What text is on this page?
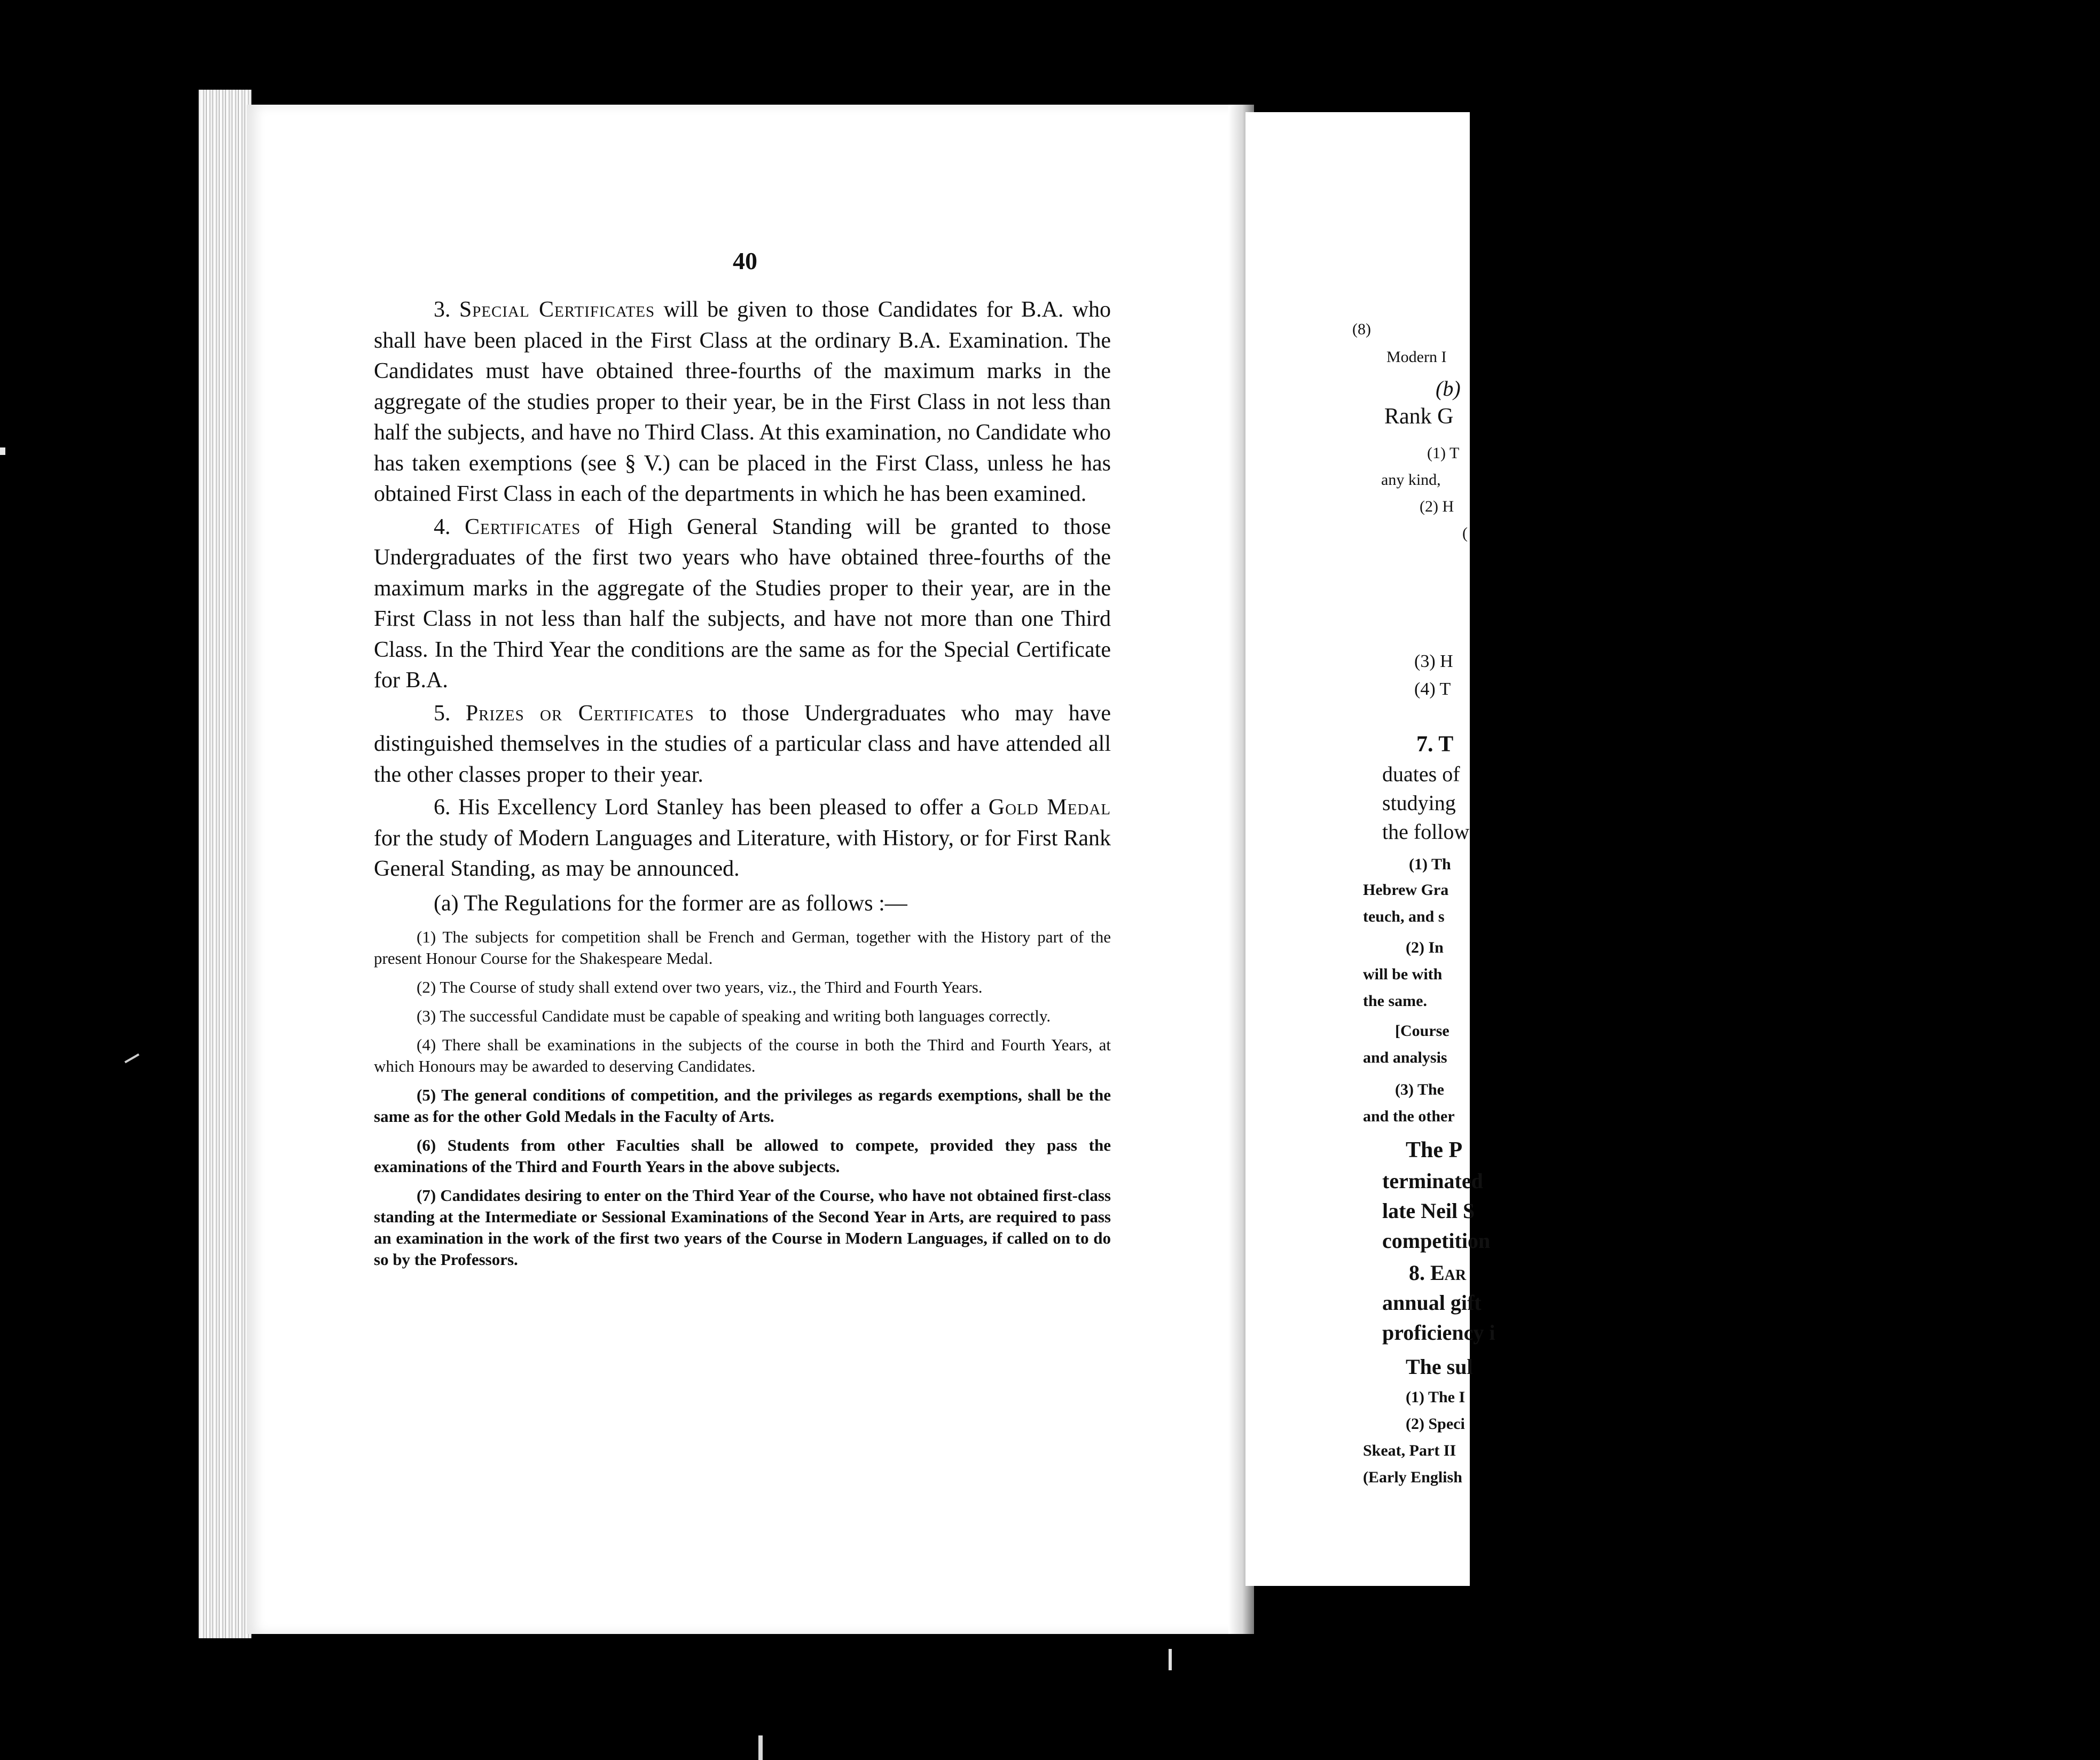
40

3. Special Certificates will be given to those Candidates for B.A. who shall have been placed in the First Class at the ordinary B.A. Examination. The Candidates must have obtained three-fourths of the maximum marks in the aggregate of the studies proper to their year, be in the First Class in not less than half the subjects, and have no Third Class. At this examination, no Candidate who has taken exemptions (see § V.) can be placed in the First Class, unless he has obtained First Class in each of the departments in which he has been examined.

4. Certificates of High General Standing will be granted to those Undergraduates of the first two years who have obtained three-fourths of the maximum marks in the aggregate of the Studies proper to their year, are in the First Class in not less than half the subjects, and have not more than one Third Class. In the Third Year the conditions are the same as for the Special Certificate for B.A.

5. Prizes or Certificates to those Undergraduates who may have distinguished themselves in the studies of a particular class and have attended all the other classes proper to their year.

6. His Excellency Lord Stanley has been pleased to offer a Gold Medal for the study of Modern Languages and Literature, with History, or for First Rank General Standing, as may be announced.

(a) The Regulations for the former are as follows :—

(1) The subjects for competition shall be French and German, together with the History part of the present Honour Course for the Shakespeare Medal.

(2) The Course of study shall extend over two years, viz., the Third and Fourth Years.

(3) The successful Candidate must be capable of speaking and writing both languages correctly.

(4) There shall be examinations in the subjects of the course in both the Third and Fourth Years, at which Honours may be awarded to deserving Candidates.

(5) The general conditions of competition, and the privileges as regards exemptions, shall be the same as for the other Gold Medals in the Faculty of Arts.

(6) Students from other Faculties shall be allowed to compete, provided they pass the examinations of the Third and Fourth Years in the above subjects.

(7) Candidates desiring to enter on the Third Year of the Course, who have not obtained first-class standing at the Intermediate or Sessional Examinations of the Second Year in Arts, are required to pass an examination in the work of the first two years of the Course in Modern Languages, if called on to do so by the Professors.

(8)
Modern I
(b)
Rank G
(1) T
any kind,
(2) H
(
(3) H
(4) T
7. T
duates of
studying
the follow
(1) Th
Hebrew Gra
teuch, and s
(2) In
will be with
the same.
[Course
and analysis
(3) The
and the other
The P
terminated
late Neil S
competition
8. Ear
annual gift
proficiency i
The sul
(1) The I
(2) Speci
Skeat, Part II
(Early English
